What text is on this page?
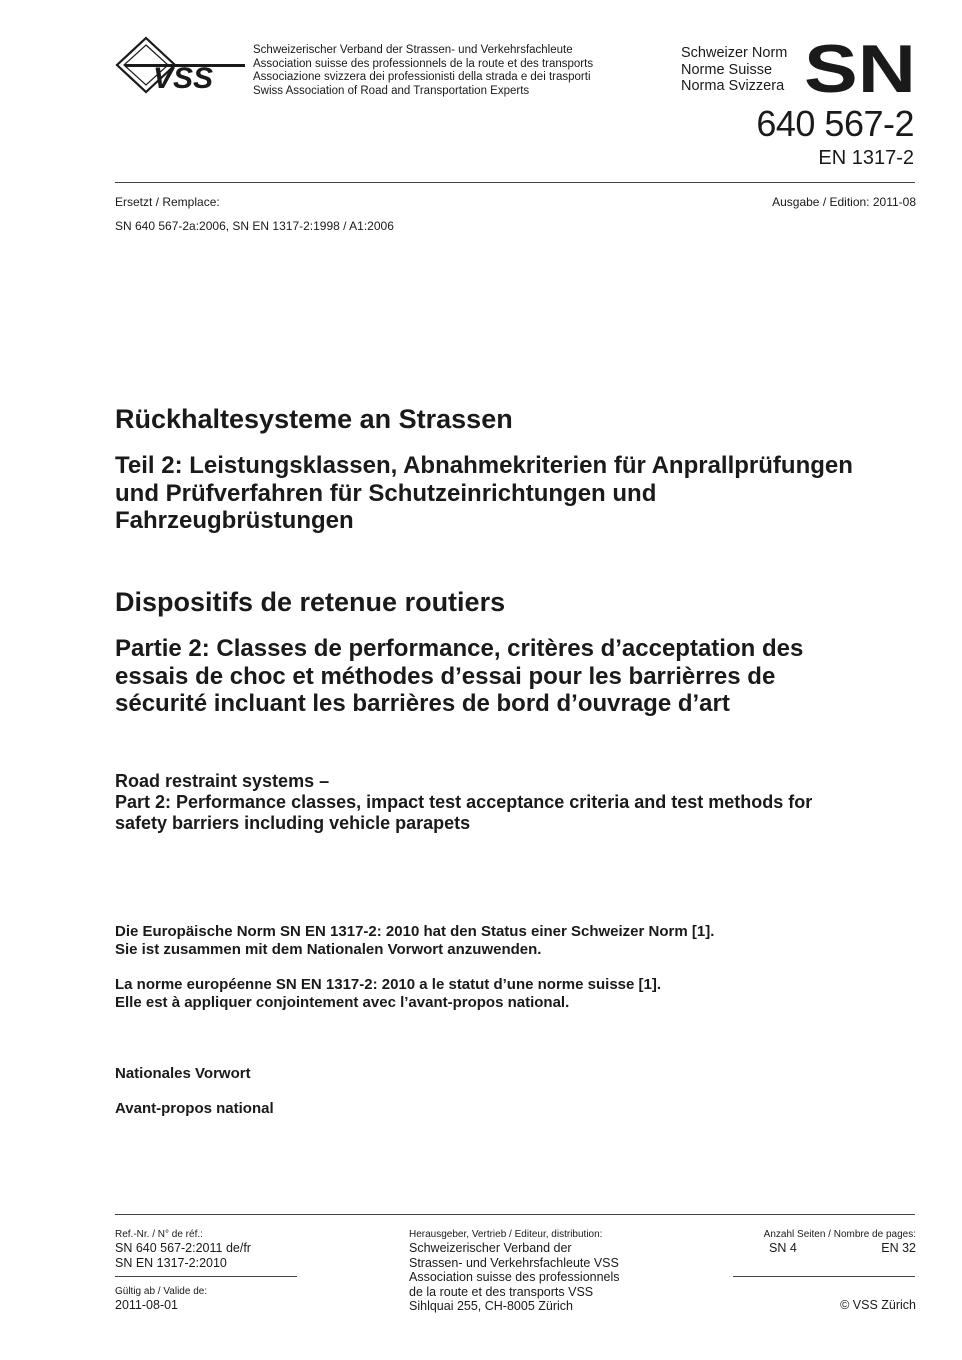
VSS
Schweizerischer Verband der Strassen- und Verkehrsfachleute
Association suisse des professionnels de la route et des transports
Associazione svizzera dei professionisti della strada e dei trasporti
Swiss Association of Road and Transportation Experts
Schweizer Norm
Norme Suisse
Norma Svizzera SN
640 567-2
EN 1317-2
Ersetzt / Remplace:	Ausgabe / Edition: 2011-08
SN 640 567-2a:2006, SN EN 1317-2:1998 / A1:2006
Rückhaltesysteme an Strassen
Teil 2: Leistungsklassen, Abnahmekriterien für Anprallprüfungen
und Prüfverfahren für Schutzeinrichtungen und
Fahrzeugbrüstungen
Dispositifs de retenue routiers
Partie 2: Classes de performance, critères d’acceptation des
essais de choc et méthodes d’essai pour les barrièrres de
sécurité incluant les barrières de bord d’ouvrage d’art
Road restraint systems –
Part 2: Performance classes, impact test acceptance criteria and test methods for
safety barriers including vehicle parapets
Die Europäische Norm SN EN 1317-2: 2010 hat den Status einer Schweizer Norm [1].
Sie ist zusammen mit dem Nationalen Vorwort anzuwenden.
La norme européenne SN EN 1317-2: 2010 a le statut d’une norme suisse [1].
Elle est à appliquer conjointement avec l’avant-propos national.
Nationales Vorwort
Avant-propos national
Ref.-Nr. / N° de réf.:
SN 640 567-2:2011 de/fr
SN EN 1317-2:2010
Gültig ab / Valide de:
2011-08-01
Herausgeber, Vertrieb / Editeur, distribution:
Schweizerischer Verband der
Strassen- und Verkehrsfachleute VSS
Association suisse des professionnels
de la route et des transports VSS
Sihlquai 255, CH-8005 Zürich
Anzahl Seiten / Nombre de pages:
SN 4	EN 32
© VSS Zürich
